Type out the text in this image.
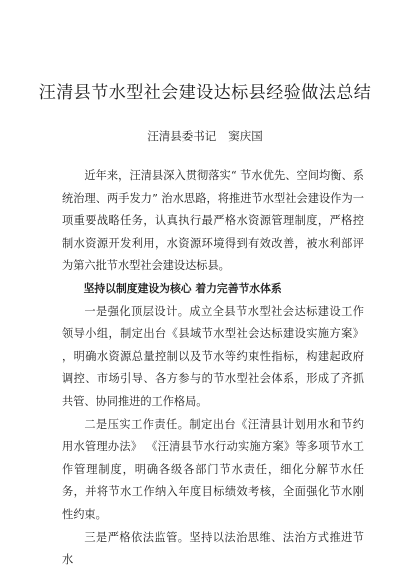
汪清县节水型社会建设达标县经验做法总结
汪清县委书记 窦庆国

近年来，汪清县深入贯彻落实“ 节水优先、空间均衡、系统治理、两手发力” 治水思路，将推进节水型社会建设作为一项重要战略任务，认真执行最严格水资源管理制度，严格控制水资源开发利用，水资源环境得到有效改善，被水利部评为第六批节水型社会建设达标县。

坚持以制度建设为核心 着力完善节水体系

一是强化顶层设计。成立全县节水型社会达标建设工作领导小组，制定出台《县域节水型社会达标建设实施方案》 ，明确水资源总量控制以及节水等约束性指标，构建起政府调控、市场引导、各方参与的节水型社会体系，形成了齐抓共管、协同推进的工作格局。

二是压实工作责任。制定出台《汪清县计划用水和节约用水管理办法》 《汪清县节水行动实施方案》等多项节水工作管理制度，明确各级各部门节水责任，细化分解节水任务，并将节水工作纳入年度目标绩效考核，全面强化节水刚性约束。

三是严格依法监管。坚持以法治思维、法治方式推进节水
